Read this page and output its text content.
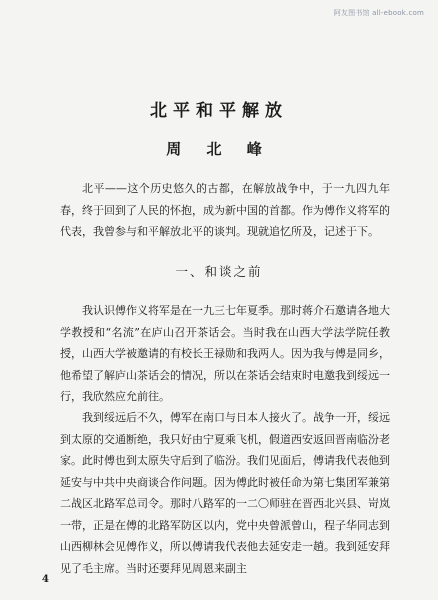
阿友图书馆 all-ebook.com
北平和平解放
周 北 峰

北平——这个历史悠久的古都，在解放战争中，于一九四九年春，终于回到了人民的怀抱，成为新中国的首都。作为傅作义将军的代表，我曾参与和平解放北平的谈判。现就追忆所及，记述于下。

一、和谈之前

我认识傅作义将军是在一九三七年夏季。那时蒋介石邀请各地大学教授和“名流”在庐山召开茶话会。当时我在山西大学法学院任教授，山西大学被邀请的有校长王禄勋和我两人。因为我与傅是同乡，他希望了解庐山茶话会的情况，所以在茶话会结束时电邀我到绥远一行，我欣然应允前往。

我到绥远后不久，傅军在南口与日本人接火了。战争一开，绥远到太原的交通断绝，我只好由宁夏乘飞机，假道西安返回晋南临汾老家。此时傅也到太原失守后到了临汾。我们见面后，傅请我代表他到延安与中共中央商谈合作问题。因为傅此时被任命为第七集团军兼第二战区北路军总司令。那时八路军的一二〇师驻在晋西北兴县、岢岚一带，正是在傅的北路军防区以内，党中央曾派曾山，程子华同志到山西柳林会见傅作义，所以傅请我代表他去延安走一趟。我到延安拜见了毛主席。当时还要拜见周恩来副主

4
